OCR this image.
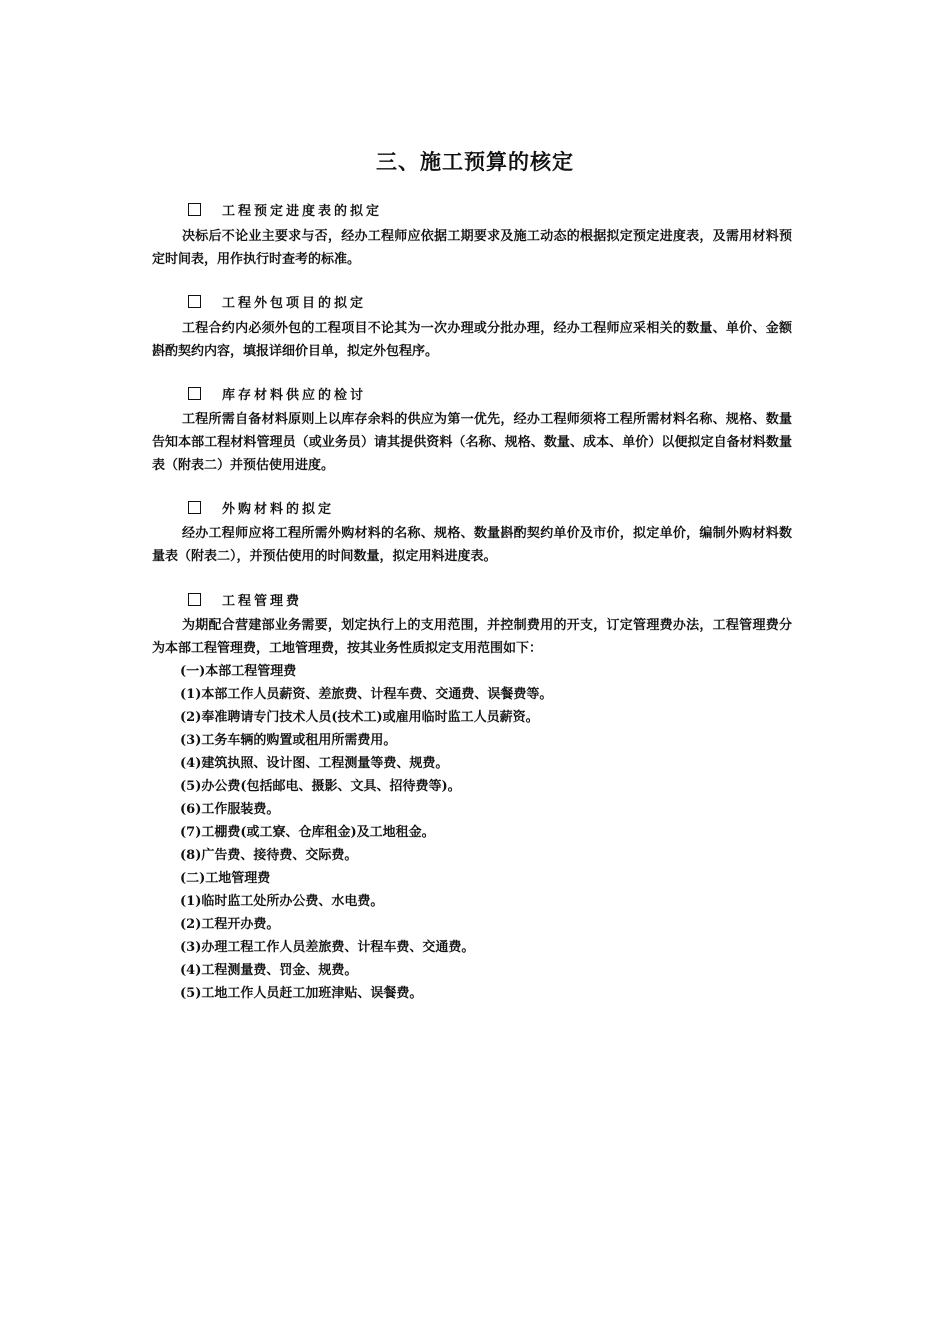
三、施工预算的核定
工程预定进度表的拟定
决标后不论业主要求与否，经办工程师应依据工期要求及施工动态的根据拟定预定进度表，及需用材料预定时间表，用作执行时查考的标准。
工程外包项目的拟定
工程合约内必须外包的工程项目不论其为一次办理或分批办理，经办工程师应采相关的数量、单价、金额斟酌契约内容，填报详细价目单，拟定外包程序。
库存材料供应的检讨
工程所需自备材料原则上以库存余料的供应为第一优先，经办工程师须将工程所需材料名称、规格、数量告知本部工程材料管理员（或业务员）请其提供资料（名称、规格、数量、成本、单价）以便拟定自备材料数量表（附表二）并预估使用进度。
外购材料的拟定
经办工程师应将工程所需外购材料的名称、规格、数量斟酌契约单价及市价，拟定单价，编制外购材料数量表（附表二），并预估使用的时间数量，拟定用料进度表。
工程管理费
为期配合营建部业务需要，划定执行上的支用范围，并控制费用的开支，订定管理费办法，工程管理费分为本部工程管理费，工地管理费，按其业务性质拟定支用范围如下：
(一)本部工程管理费
(1)本部工作人员薪资、差旅费、计程车费、交通费、误餐费等。
(2)奉准聘请专门技术人员(技术工)或雇用临时监工人员薪资。
(3)工务车辆的购置或租用所需费用。
(4)建筑执照、设计图、工程测量等费、规费。
(5)办公费(包括邮电、摄影、文具、招待费等)。
(6)工作服装费。
(7)工棚费(或工寮、仓库租金)及工地租金。
(8)广告费、接待费、交际费。
(二)工地管理费
(1)临时监工处所办公费、水电费。
(2)工程开办费。
(3)办理工程工作人员差旅费、计程车费、交通费。
(4)工程测量费、罚金、规费。
(5)工地工作人员赶工加班津贴、误餐费。
